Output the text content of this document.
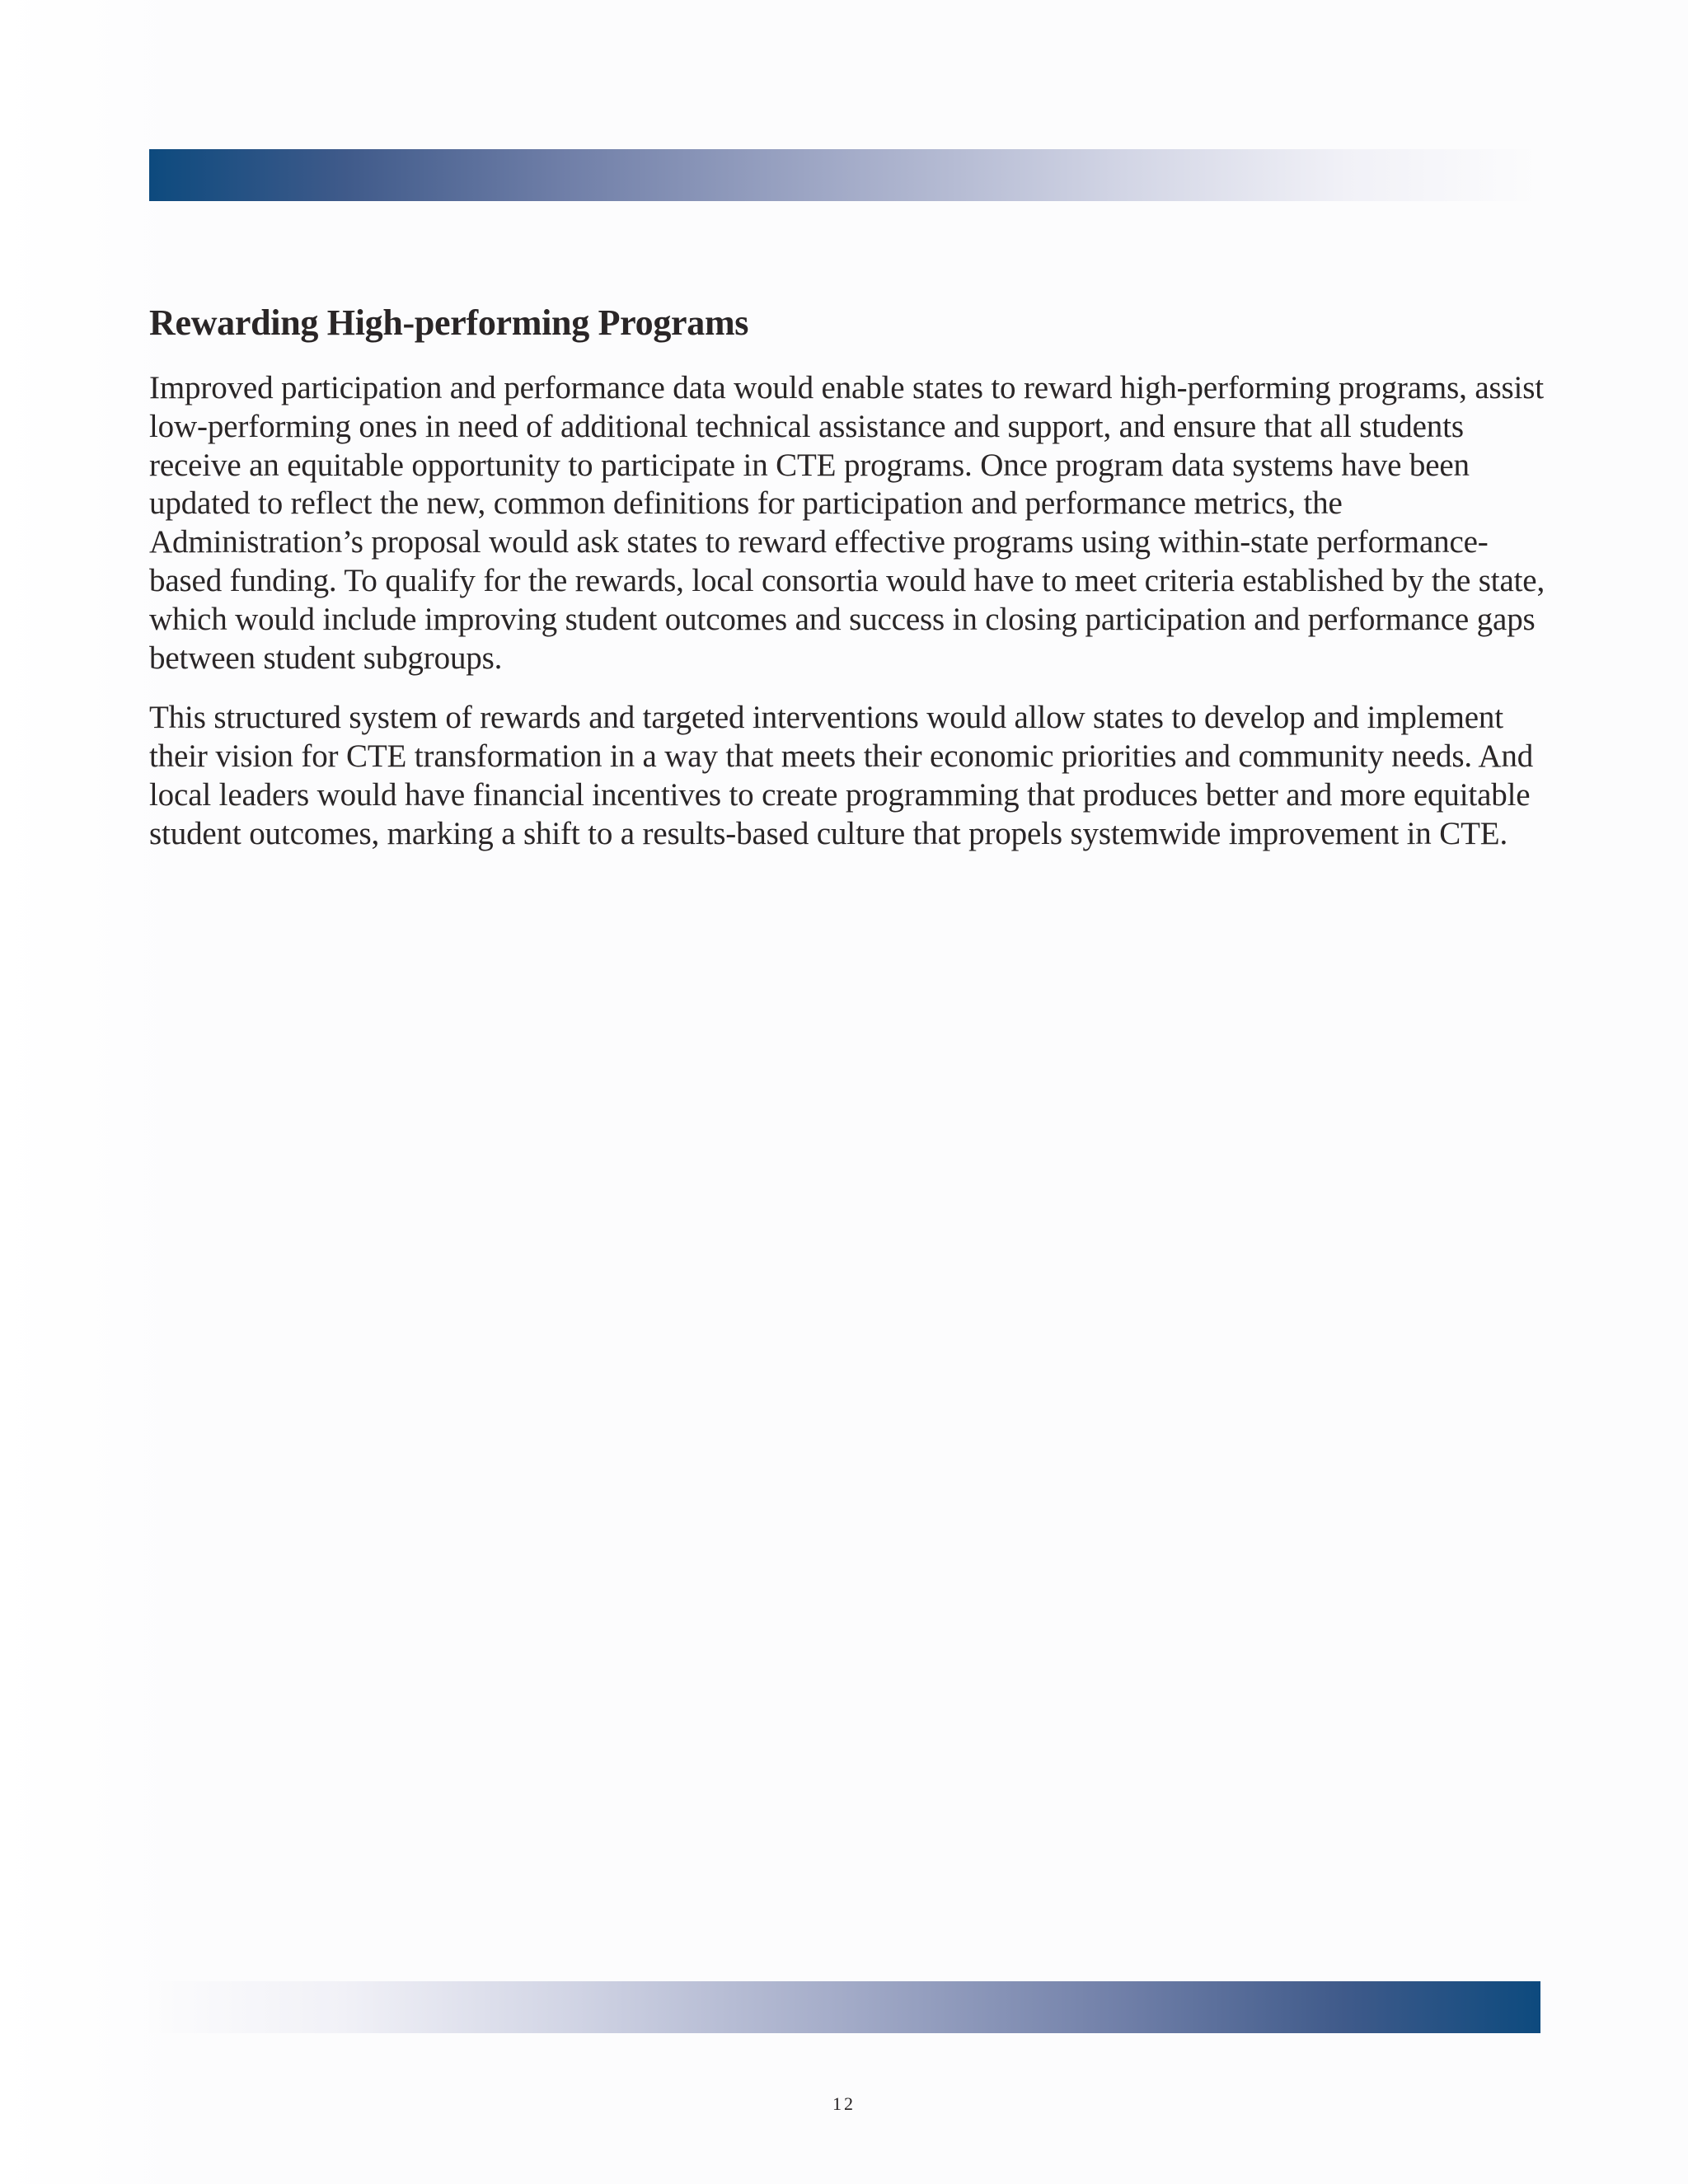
Rewarding High-performing Programs

Improved participation and performance data would enable states to reward high-performing programs, assist low-performing ones in need of additional technical assistance and support, and ensure that all students receive an equitable opportunity to participate in CTE programs. Once program data systems have been updated to reflect the new, common definitions for participation and performance metrics, the Administration’s proposal would ask states to reward effective programs using within-state performance-based funding. To qualify for the rewards, local consortia would have to meet criteria established by the state, which would include improving student outcomes and success in closing participation and performance gaps between student subgroups.

This structured system of rewards and targeted interventions would allow states to develop and implement their vision for CTE transformation in a way that meets their economic priorities and community needs. And local leaders would have financial incentives to create programming that produces better and more equitable student outcomes, marking a shift to a results-based culture that propels systemwide improvement in CTE.

12
